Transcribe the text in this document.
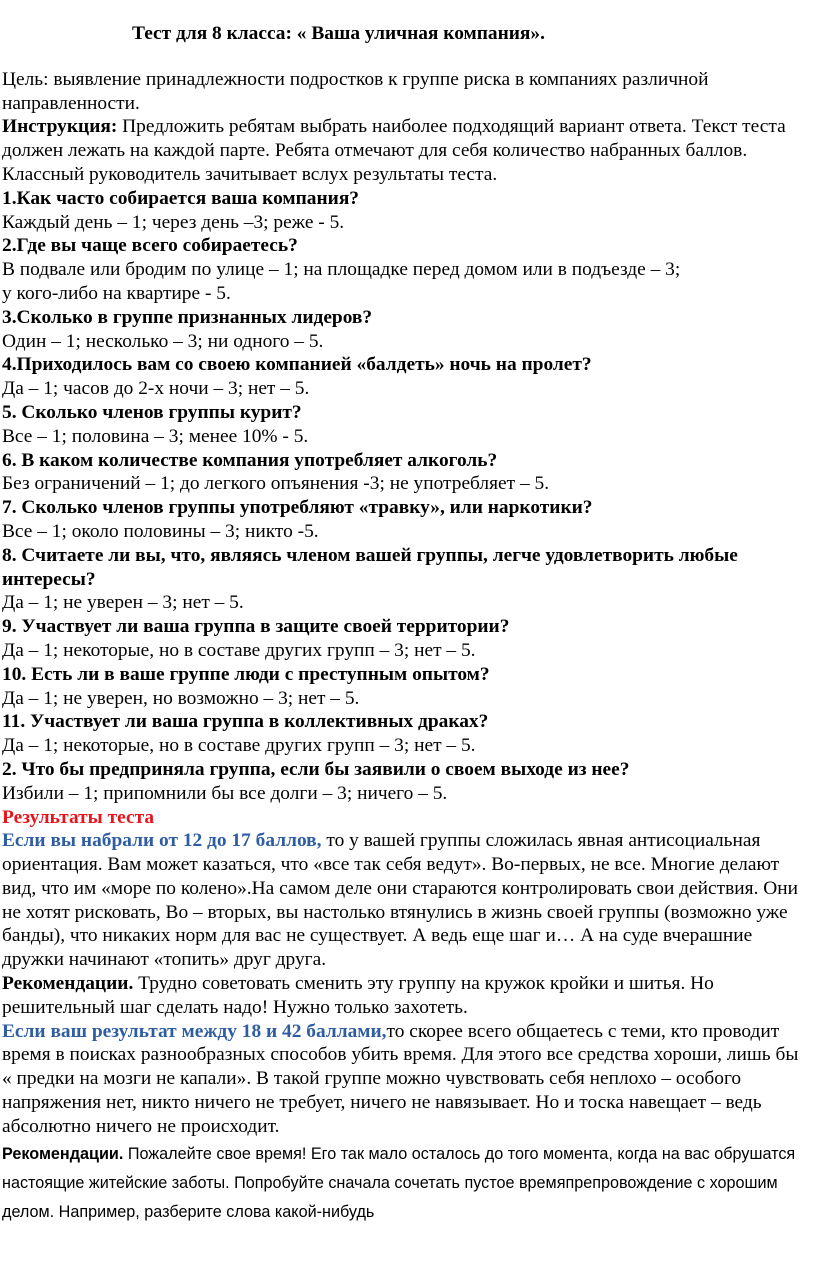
Тест для 8 класса: « Ваша уличная компания».

Цель: выявление принадлежности подростков к группе риска в компаниях различной направленности.

Инструкция: Предложить ребятам выбрать наиболее подходящий вариант ответа. Текст теста должен лежать на каждой парте. Ребята отмечают для себя количество набранных баллов. Классный руководитель зачитывает вслух результаты теста.

1.Как часто собирается ваша компания?

Каждый день – 1; через день –3; реже - 5.

2.Где вы чаще всего собираетесь?

В подвале или бродим по улице – 1; на площадке перед домом или в подъезде – 3;

у кого-либо на квартире - 5.

3.Сколько в группе признанных лидеров?

Один – 1; несколько – 3; ни одного – 5.

4.Приходилось вам со своею компанией «балдеть» ночь на пролет?

Да – 1; часов до 2-х ночи – 3; нет – 5.

5. Сколько членов группы курит?

Все – 1; половина – 3; менее 10% - 5.

6. В каком количестве компания употребляет алкоголь?

Без ограничений – 1; до легкого опъянения -3; не употребляет – 5.

7. Сколько членов группы употребляют «травку», или наркотики?

Все – 1; около половины – 3; никто -5.

8. Считаете ли вы, что, являясь членом вашей группы, легче удовлетворить любые интересы?

Да – 1; не уверен – 3; нет – 5.

9. Участвует ли ваша группа в защите своей территории?

Да – 1; некоторые, но в составе других групп – 3; нет – 5.

10. Есть ли в ваше группе люди с преступным опытом?

Да – 1; не уверен, но возможно – 3; нет – 5.

11. Участвует ли ваша группа в коллективных драках?

Да – 1; некоторые, но в составе других групп – 3; нет – 5.

2. Что бы предприняла группа, если бы заявили о своем выходе из нее?

Избили – 1; припомнили бы все долги – 3; ничего – 5.

Результаты теста

Если вы набрали от 12 до 17 баллов, то у вашей группы сложилась явная антисоциальная ориентация. Вам может казаться, что «все так себя ведут». Во-первых, не все. Многие делают вид, что им «море по колено».На самом деле они стараются контролировать свои действия. Они не хотят рисковать, Во – вторых, вы настолько втянулись в жизнь своей группы (возможно уже банды), что никаких норм для вас не существует. А ведь еще шаг и… А на суде вчерашние дружки начинают «топить» друг друга.

Рекомендации. Трудно советовать сменить эту группу на кружок кройки и шитья. Но решительный шаг сделать надо! Нужно только захотеть.

Если ваш результат между 18 и 42 баллами,то скорее всего общаетесь с теми, кто проводит время в поисках разнообразных способов убить время. Для этого все средства хороши, лишь бы « предки на мозги не капали». В такой группе можно чувствовать себя неплохо – особого напряжения нет, никто ничего не требует, ничего не навязывает. Но и тоска навещает – ведь абсолютно ничего не происходит.

Рекомендации. Пожалейте свое время! Его так мало осталось до того момента, когда на вас обрушатся настоящие житейские заботы. Попробуйте сначала сочетать пустое времяпрепровождение с хорошим делом. Например, разберите слова какой-нибудь
